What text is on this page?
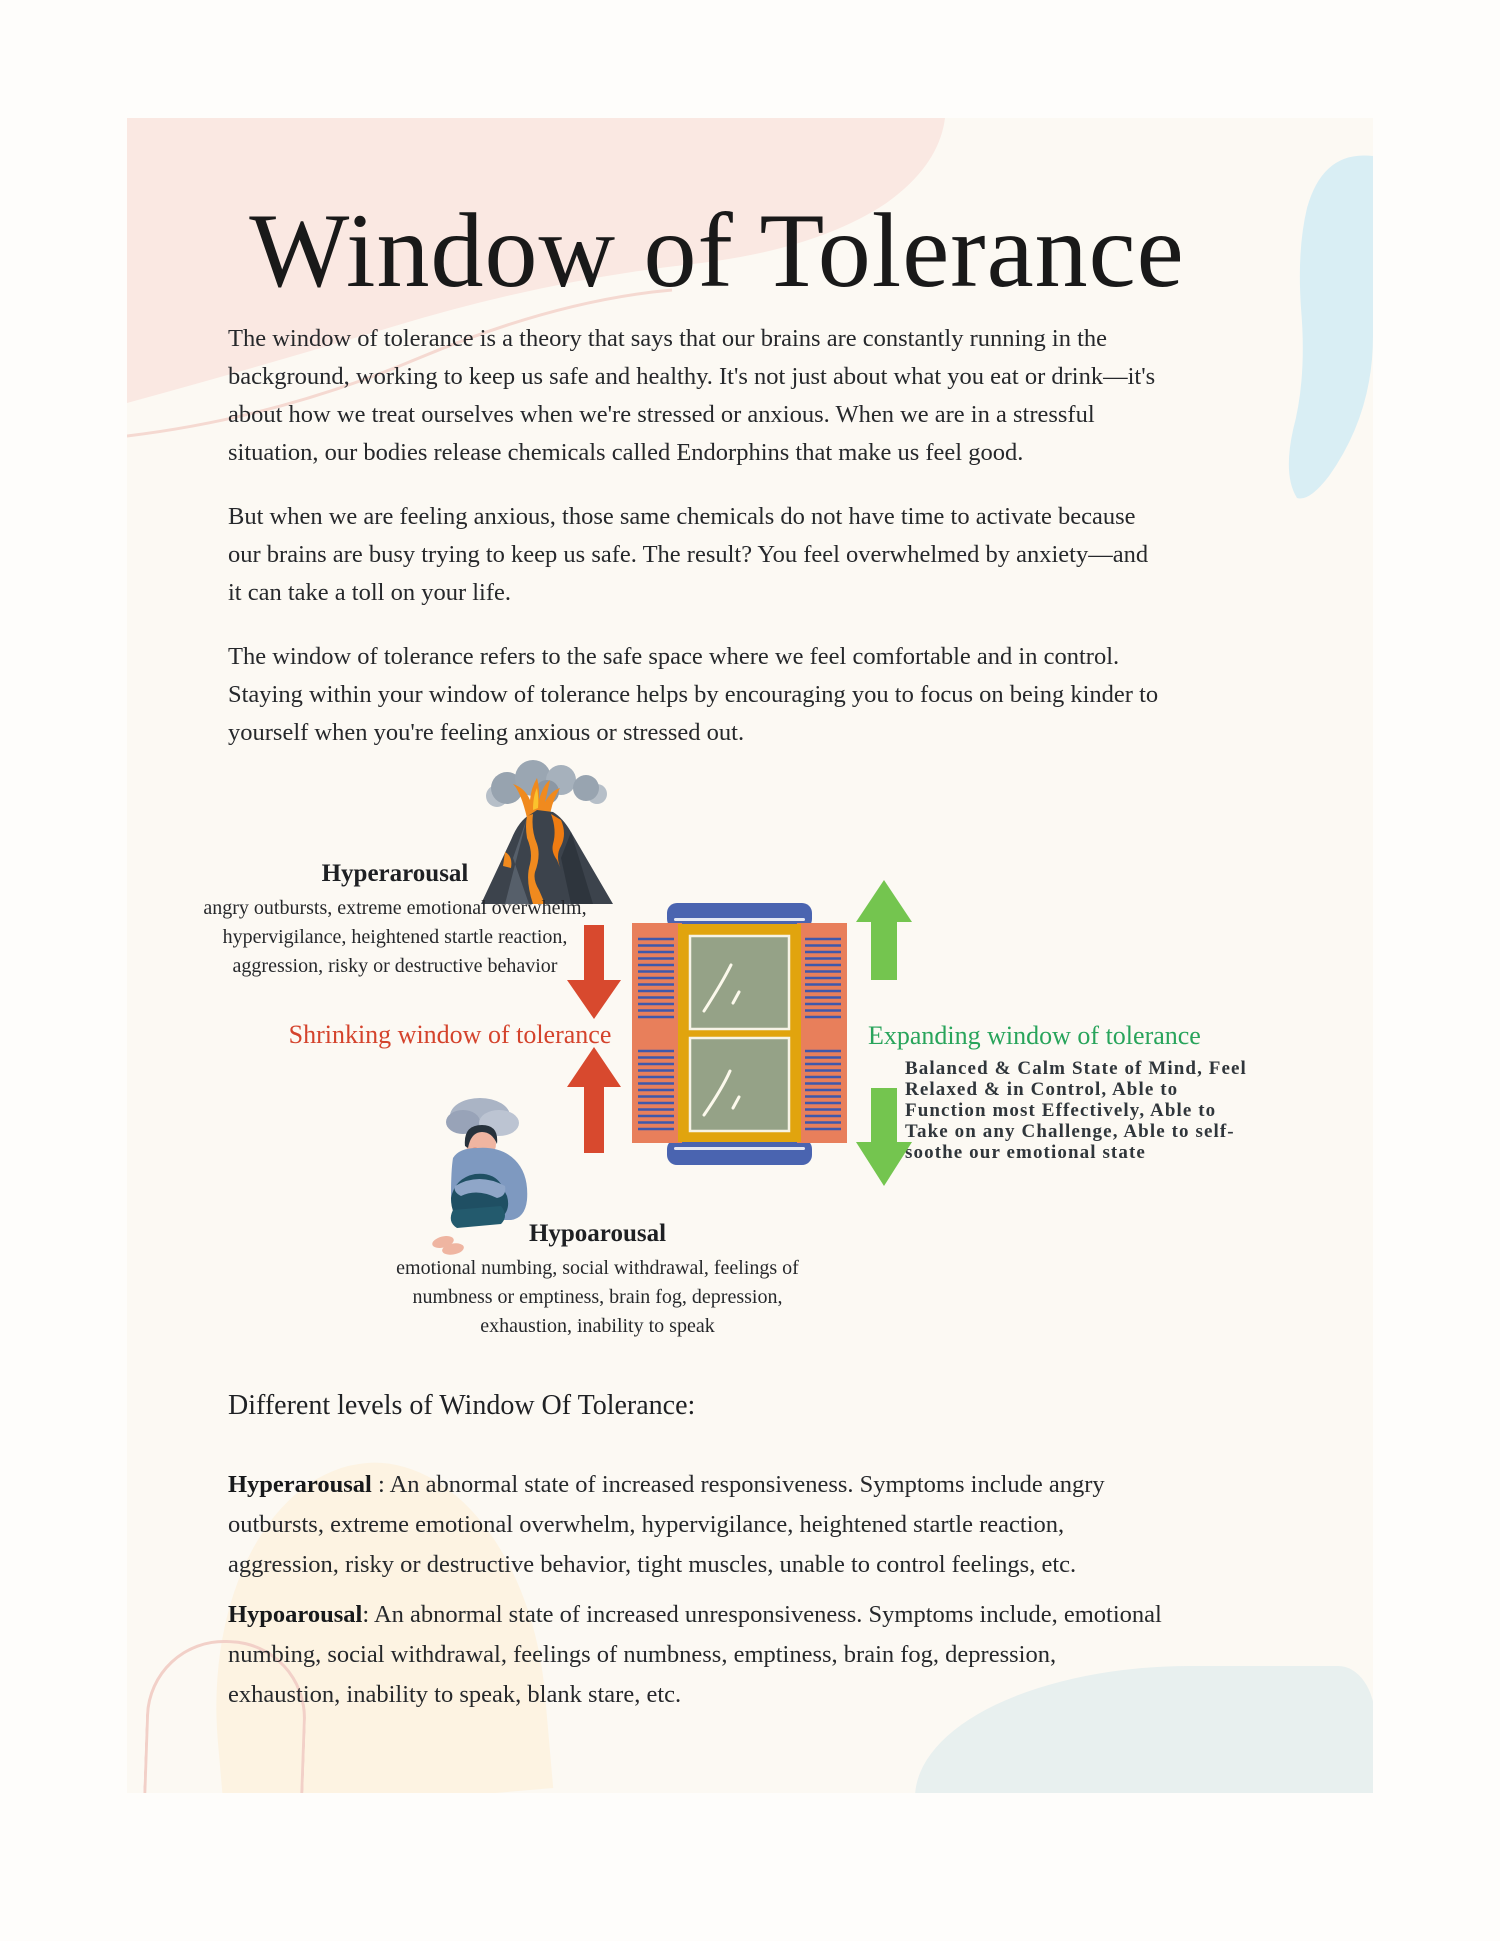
Window of Tolerance

The window of tolerance is a theory that says that our brains are constantly running in the background, working to keep us safe and healthy. It's not just about what you eat or drink—it's about how we treat ourselves when we're stressed or anxious. When we are in a stressful situation, our bodies release chemicals called Endorphins that make us feel good.

But when we are feeling anxious, those same chemicals do not have time to activate because our brains are busy trying to keep us safe. The result? You feel overwhelmed by anxiety—and it can take a toll on your life.

The window of tolerance refers to the safe space where we feel comfortable and in control. Staying within your window of tolerance helps by encouraging you to focus on being kinder to yourself when you're feeling anxious or stressed out.

Hyperarousal
angry outbursts, extreme emotional overwhelm, hypervigilance, heightened startle reaction, aggression, risky or destructive behavior
Shrinking window of tolerance	Expanding window of tolerance
Balanced & Calm State of Mind, Feel Relaxed & in Control, Able to Function most Effectively, Able to Take on any Challenge, Able to self-soothe our emotional state
Hypoarousal
emotional numbing, social withdrawal, feelings of numbness or emptiness, brain fog, depression, exhaustion, inability to speak
Different levels of Window Of Tolerance:

Hyperarousal : An abnormal state of increased responsiveness. Symptoms include angry outbursts, extreme emotional overwhelm, hypervigilance, heightened startle reaction, aggression, risky or destructive behavior, tight muscles, unable to control feelings, etc.

Hypoarousal: An abnormal state of increased unresponsiveness. Symptoms include, emotional numbing, social withdrawal, feelings of numbness, emptiness, brain fog, depression, exhaustion, inability to speak, blank stare, etc.
